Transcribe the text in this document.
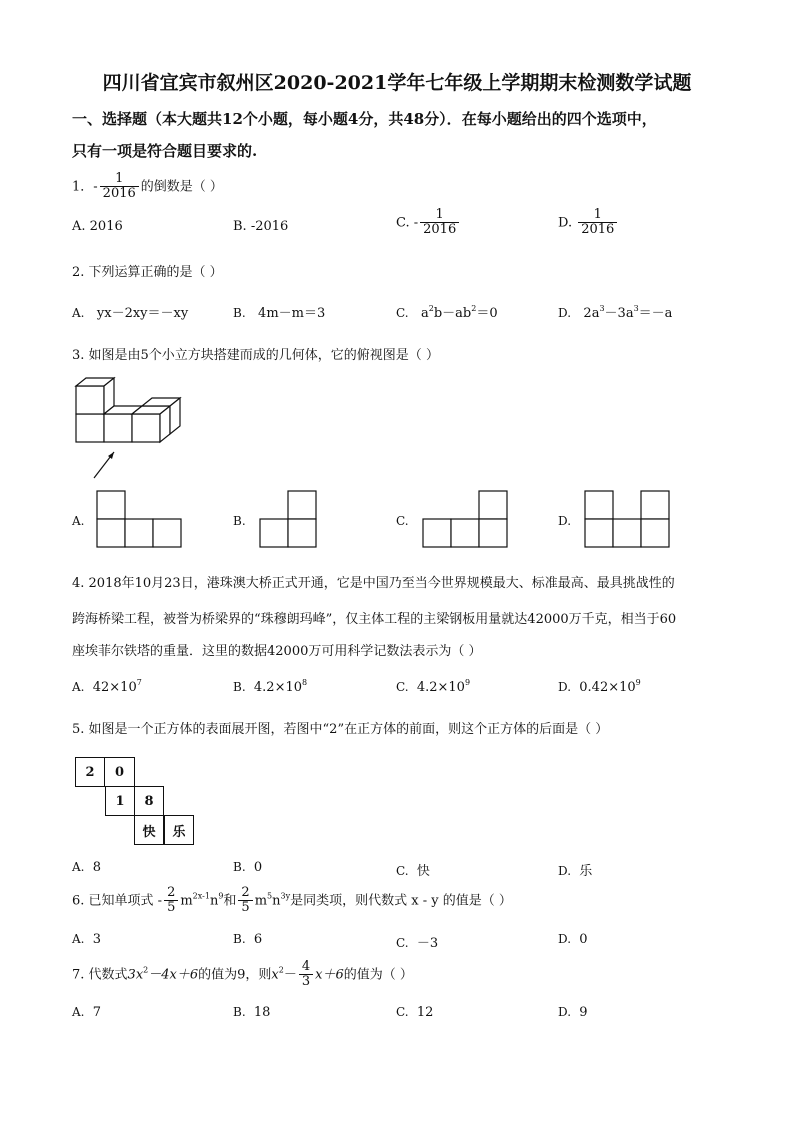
四川省宜宾市叙州区2020-2021学年七年级上学期期末检测数学试题
一、选择题（本大题共12个小题，每小题4分，共48分）．在每小题给出的四个选项中，
只有一项是符合题目要求的.
1．- $\frac{1}{2016}$ 的倒数是（ ）
A. 2016	B. -2016	C. - $\frac{1}{2016}$	D. $\frac{1}{2016}$
2. 下列运算正确的是（ ）
A. yx－2xy＝－xy	B. 4m－m＝3	C. $a^2b-ab^2=0$	D. $2a^3-3a^3=-a$
3. 如图是由5个小立方块搭建而成的几何体，它的俯视图是（ ）
A.	B.	C.	D.
4. 2018年10月23日，港珠澳大桥正式开通，它是中国乃至当今世界规模最大、标准最高、最具挑战性的
跨海桥梁工程，被誉为桥梁界的“珠穆朗玛峰”，仅主体工程的主梁钢板用量就达42000万千克，相当于60
座埃菲尔铁塔的重量．这里的数据42000万可用科学记数法表示为（ ）
A. $42\times 10^7$	B. $4.2\times 10^8$	C. $4.2\times 10^9$	D. $0.42\times 10^9$
5. 如图是一个正方体的表面展开图，若图中“2”在正方体的前面，则这个正方体的后面是（ ）
2	0
1	8
快	乐
A. 8	B. 0	C. 快	D. 乐
6. 已知单项式 - $\frac{2}{5} m^{2x-1}n^9$和 $\frac{2}{5} m^5n^{3y}$是同类项，则代数式 x - y 的值是（ ）
A. 3	B. 6	C. －3	D. 0
7. 代数式$3x^2-4x+6$的值为9，则$x^2- \frac{4}{3} x+6$的值为（ ）
A. 7	B. 18	C. 12	D. 9
